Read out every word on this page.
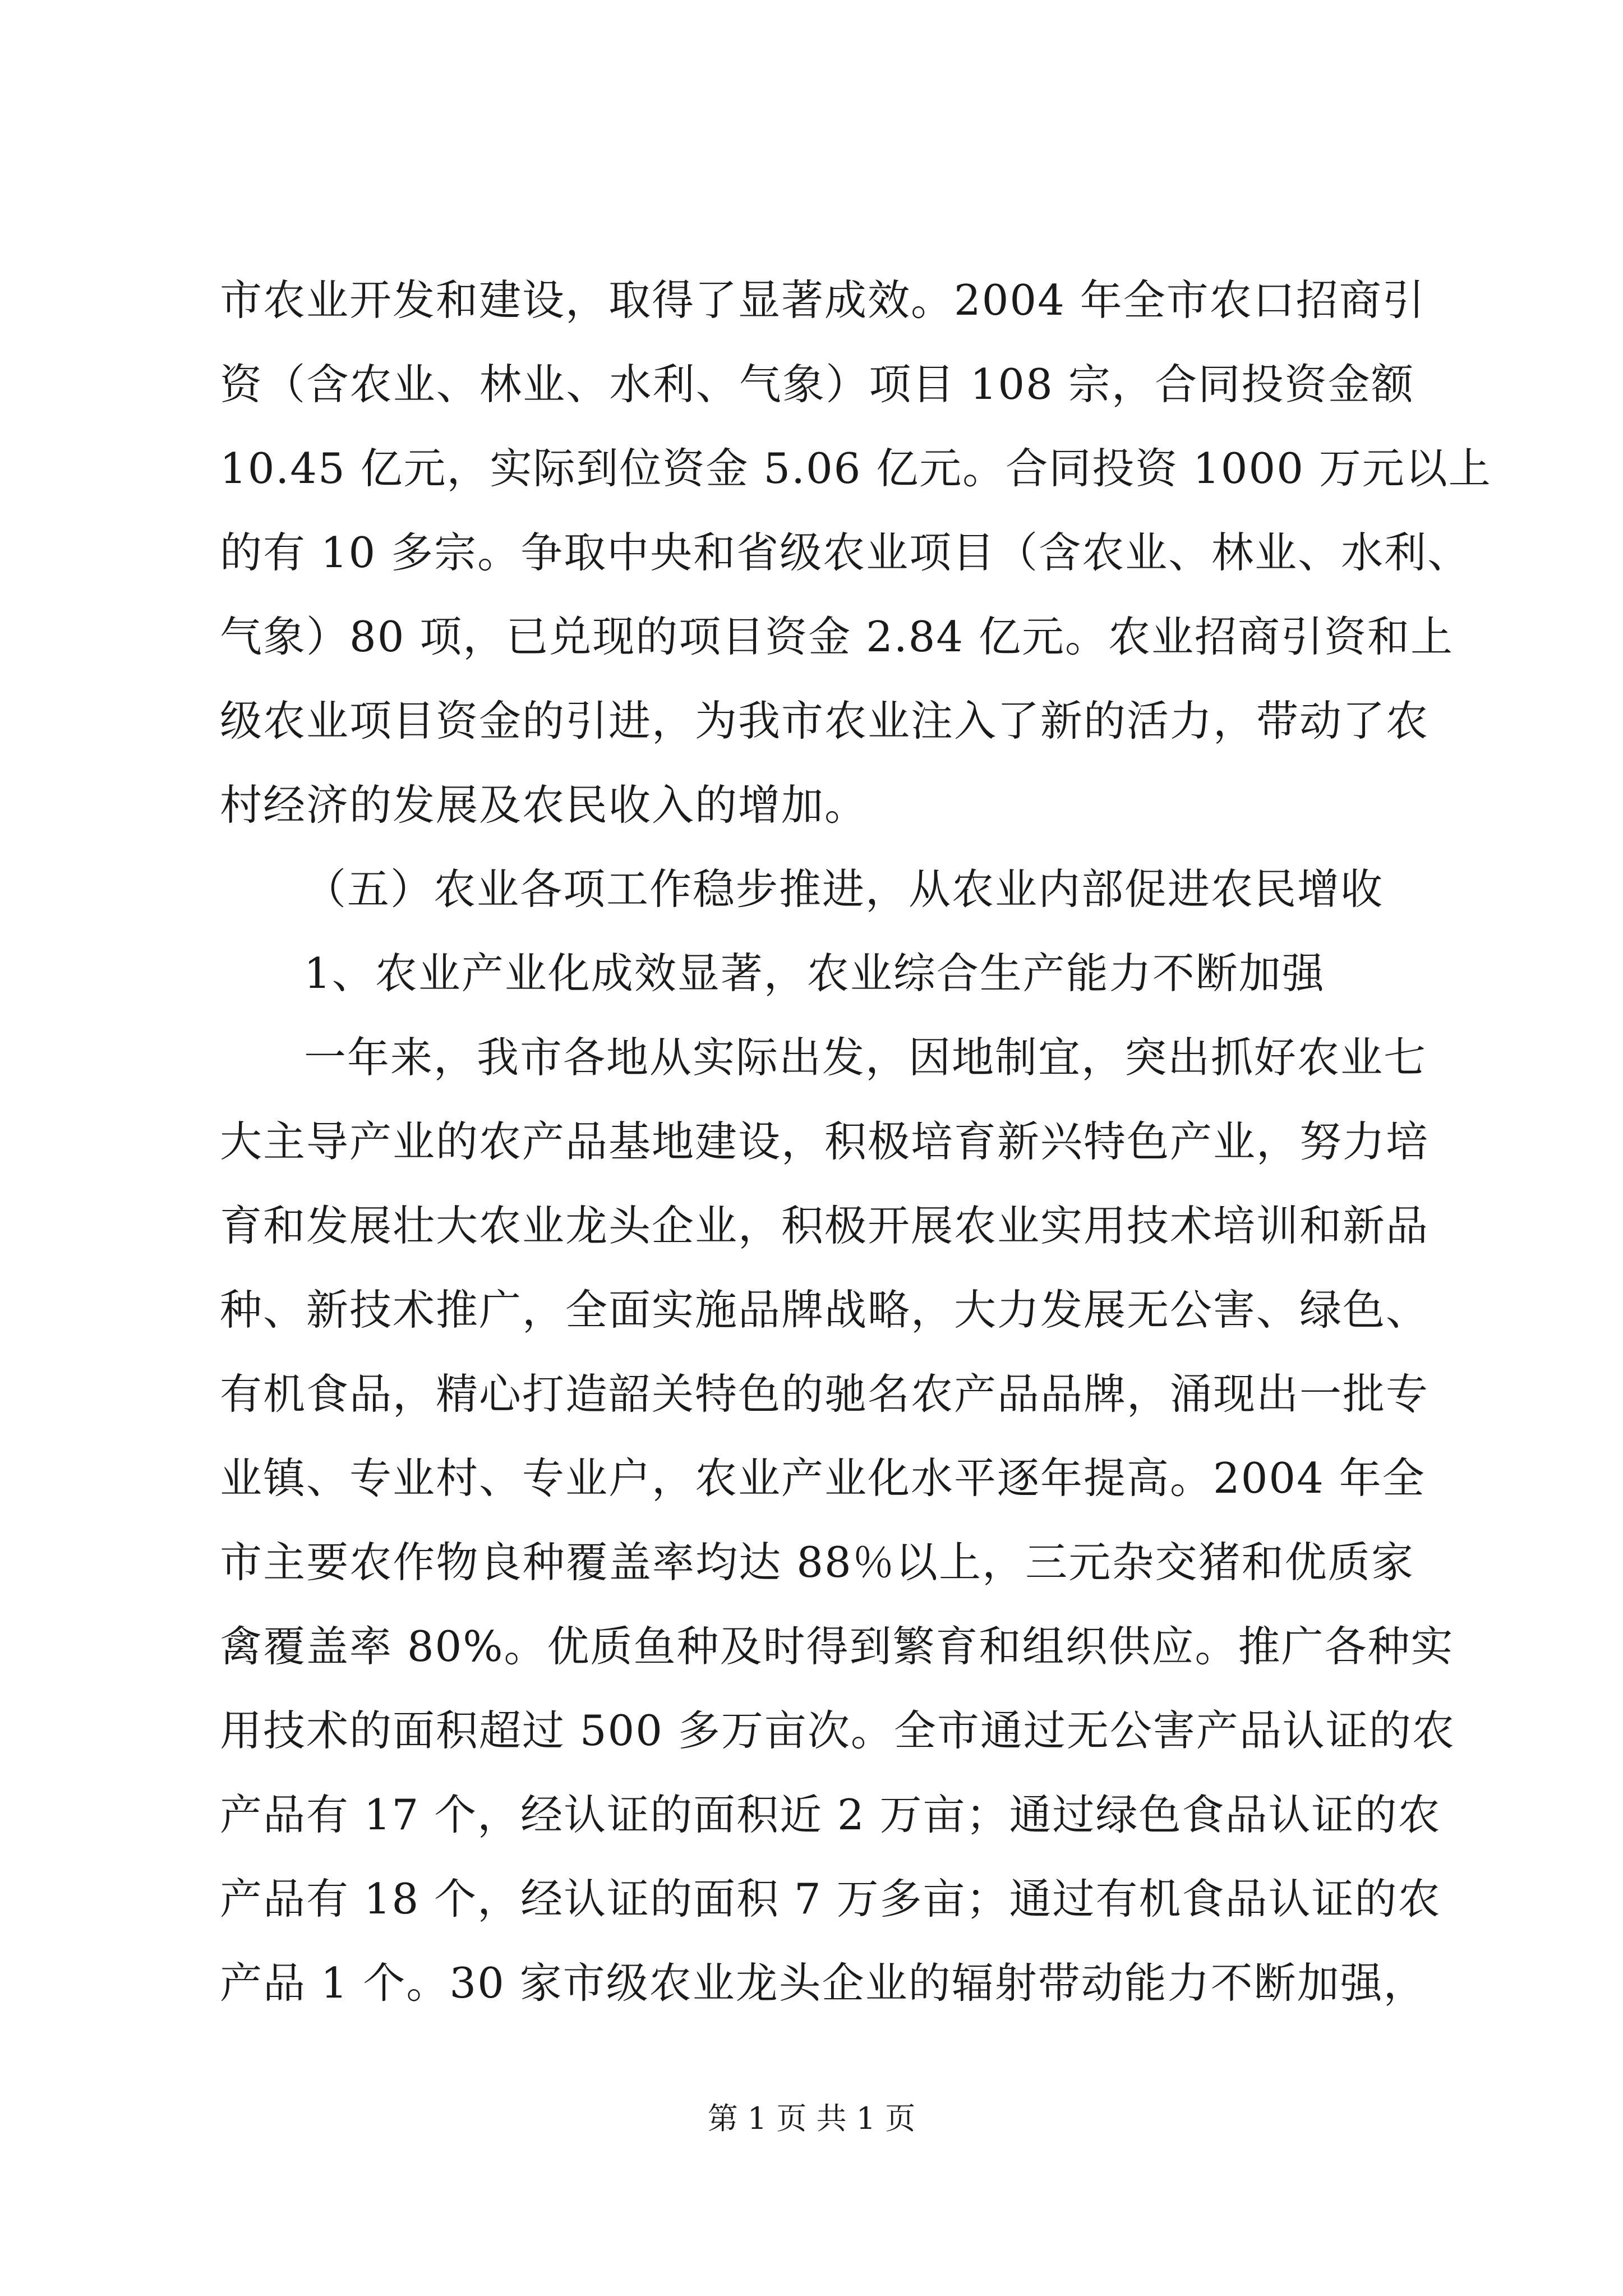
市农业开发和建设，取得了显著成效。2004 年全市农口招商引
资（含农业、林业、水利、气象）项目 108 宗，合同投资金额
10.45 亿元，实际到位资金 5.06 亿元。合同投资 1000 万元以上
的有 10 多宗。争取中央和省级农业项目（含农业、林业、水利、
气象）80 项，已兑现的项目资金 2.84 亿元。农业招商引资和上
级农业项目资金的引进，为我市农业注入了新的活力，带动了农
村经济的发展及农民收入的增加。
（五）农业各项工作稳步推进，从农业内部促进农民增收
1、农业产业化成效显著，农业综合生产能力不断加强
一年来，我市各地从实际出发，因地制宜，突出抓好农业七
大主导产业的农产品基地建设，积极培育新兴特色产业，努力培
育和发展壮大农业龙头企业，积极开展农业实用技术培训和新品
种、新技术推广，全面实施品牌战略，大力发展无公害、绿色、
有机食品，精心打造韶关特色的驰名农产品品牌，涌现出一批专
业镇、专业村、专业户，农业产业化水平逐年提高。2004 年全
市主要农作物良种覆盖率均达 88％以上，三元杂交猪和优质家
禽覆盖率 80%。优质鱼种及时得到繁育和组织供应。推广各种实
用技术的面积超过 500 多万亩次。全市通过无公害产品认证的农
产品有 17 个，经认证的面积近 2 万亩；通过绿色食品认证的农
产品有 18 个，经认证的面积 7 万多亩；通过有机食品认证的农
产品 1 个。30 家市级农业龙头企业的辐射带动能力不断加强，
第 1 页 共 1 页
